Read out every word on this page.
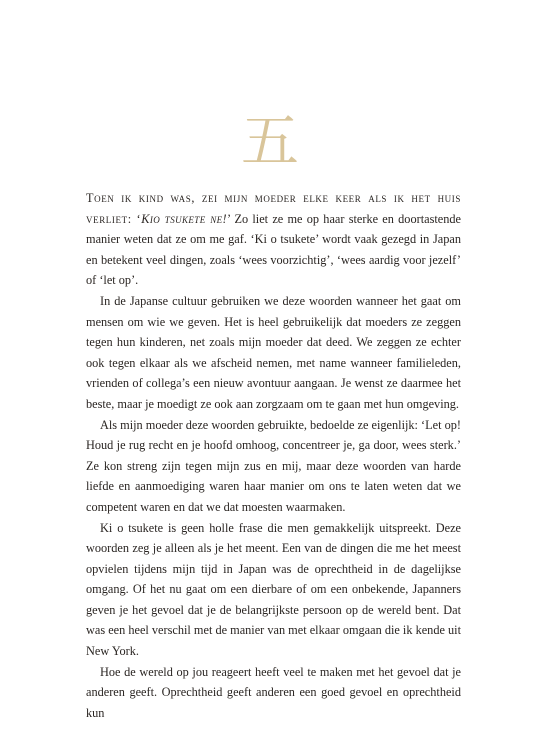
五

Toen ik kind was, zei mijn moeder elke keer als ik het huis verliet: ‘Kio tsukete ne!’ Zo liet ze me op haar sterke en doortastende manier weten dat ze om me gaf. ‘Ki o tsukete’ wordt vaak gezegd in Japan en betekent veel dingen, zoals ‘wees voorzichtig’, ‘wees aardig voor jezelf’ of ‘let op’.

In de Japanse cultuur gebruiken we deze woorden wanneer het gaat om mensen om wie we geven. Het is heel gebruikelijk dat moeders ze zeggen tegen hun kinderen, net zoals mijn moeder dat deed. We zeggen ze echter ook tegen elkaar als we afscheid nemen, met name wanneer familieleden, vrienden of collega’s een nieuw avontuur aangaan. Je wenst ze daarmee het beste, maar je moedigt ze ook aan zorgzaam om te gaan met hun omgeving.

Als mijn moeder deze woorden gebruikte, bedoelde ze eigenlijk: ‘Let op! Houd je rug recht en je hoofd omhoog, concentreer je, ga door, wees sterk.’ Ze kon streng zijn tegen mijn zus en mij, maar deze woorden van harde liefde en aanmoediging waren haar manier om ons te laten weten dat we competent waren en dat we dat moesten waarmaken.

Ki o tsukete is geen holle frase die men gemakkelijk uitspreekt. Deze woorden zeg je alleen als je het meent. Een van de dingen die me het meest opvielen tijdens mijn tijd in Japan was de oprechtheid in de dagelijkse omgang. Of het nu gaat om een dierbare of om een onbekende, Japanners geven je het gevoel dat je de belangrijkste persoon op de wereld bent. Dat was een heel verschil met de manier van met elkaar omgaan die ik kende uit New York.

Hoe de wereld op jou reageert heeft veel te maken met het gevoel dat je anderen geeft. Oprechtheid geeft anderen een goed gevoel en oprechtheid kun
